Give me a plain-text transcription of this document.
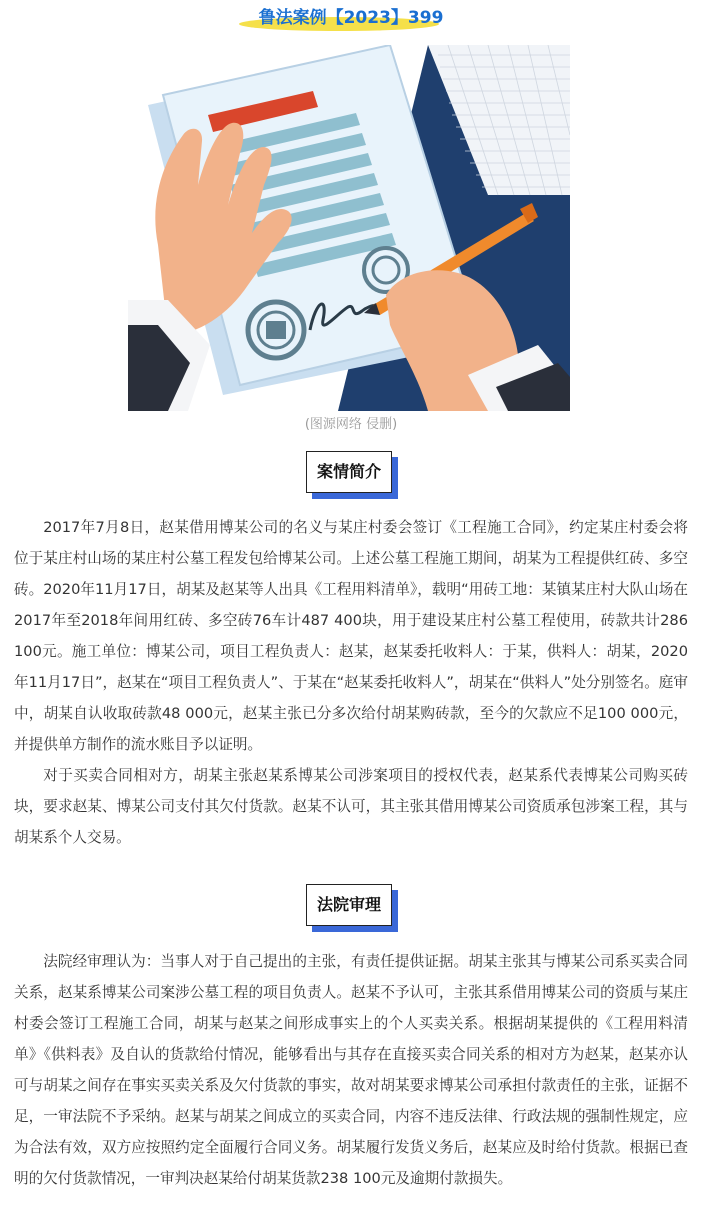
鲁法案例【2023】399
(图源网络 侵删)
案情简介

2017年7月8日，赵某借用博某公司的名义与某庄村委会签订《工程施工合同》，约定某庄村委会将位于某庄村山场的某庄村公墓工程发包给博某公司。上述公墓工程施工期间，胡某为工程提供红砖、多空砖。2020年11月17日，胡某及赵某等人出具《工程用料清单》，载明“用砖工地：某镇某庄村大队山场在2017年至2018年间用红砖、多空砖76车计487 400块，用于建设某庄村公墓工程使用，砖款共计286 100元。施工单位：博某公司，项目工程负责人：赵某，赵某委托收料人：于某，供料人：胡某，2020年11月17日”，赵某在“项目工程负责人”、于某在“赵某委托收料人”，胡某在“供料人”处分别签名。庭审中，胡某自认收取砖款48 000元，赵某主张已分多次给付胡某购砖款，至今的欠款应不足100 000元，并提供单方制作的流水账目予以证明。

对于买卖合同相对方，胡某主张赵某系博某公司涉案项目的授权代表，赵某系代表博某公司购买砖块，要求赵某、博某公司支付其欠付货款。赵某不认可，其主张其借用博某公司资质承包涉案工程，其与胡某系个人交易。

法院审理

法院经审理认为：当事人对于自己提出的主张，有责任提供证据。胡某主张其与博某公司系买卖合同关系，赵某系博某公司案涉公墓工程的项目负责人。赵某不予认可，主张其系借用博某公司的资质与某庄村委会签订工程施工合同，胡某与赵某之间形成事实上的个人买卖关系。根据胡某提供的《工程用料清单》《供料表》及自认的货款给付情况，能够看出与其存在直接买卖合同关系的相对方为赵某，赵某亦认可与胡某之间存在事实买卖关系及欠付货款的事实，故对胡某要求博某公司承担付款责任的主张，证据不足，一审法院不予采纳。赵某与胡某之间成立的买卖合同，内容不违反法律、行政法规的强制性规定，应为合法有效，双方应按照约定全面履行合同义务。胡某履行发货义务后，赵某应及时给付货款。根据已查明的欠付货款情况，一审判决赵某给付胡某货款238 100元及逾期付款损失。
